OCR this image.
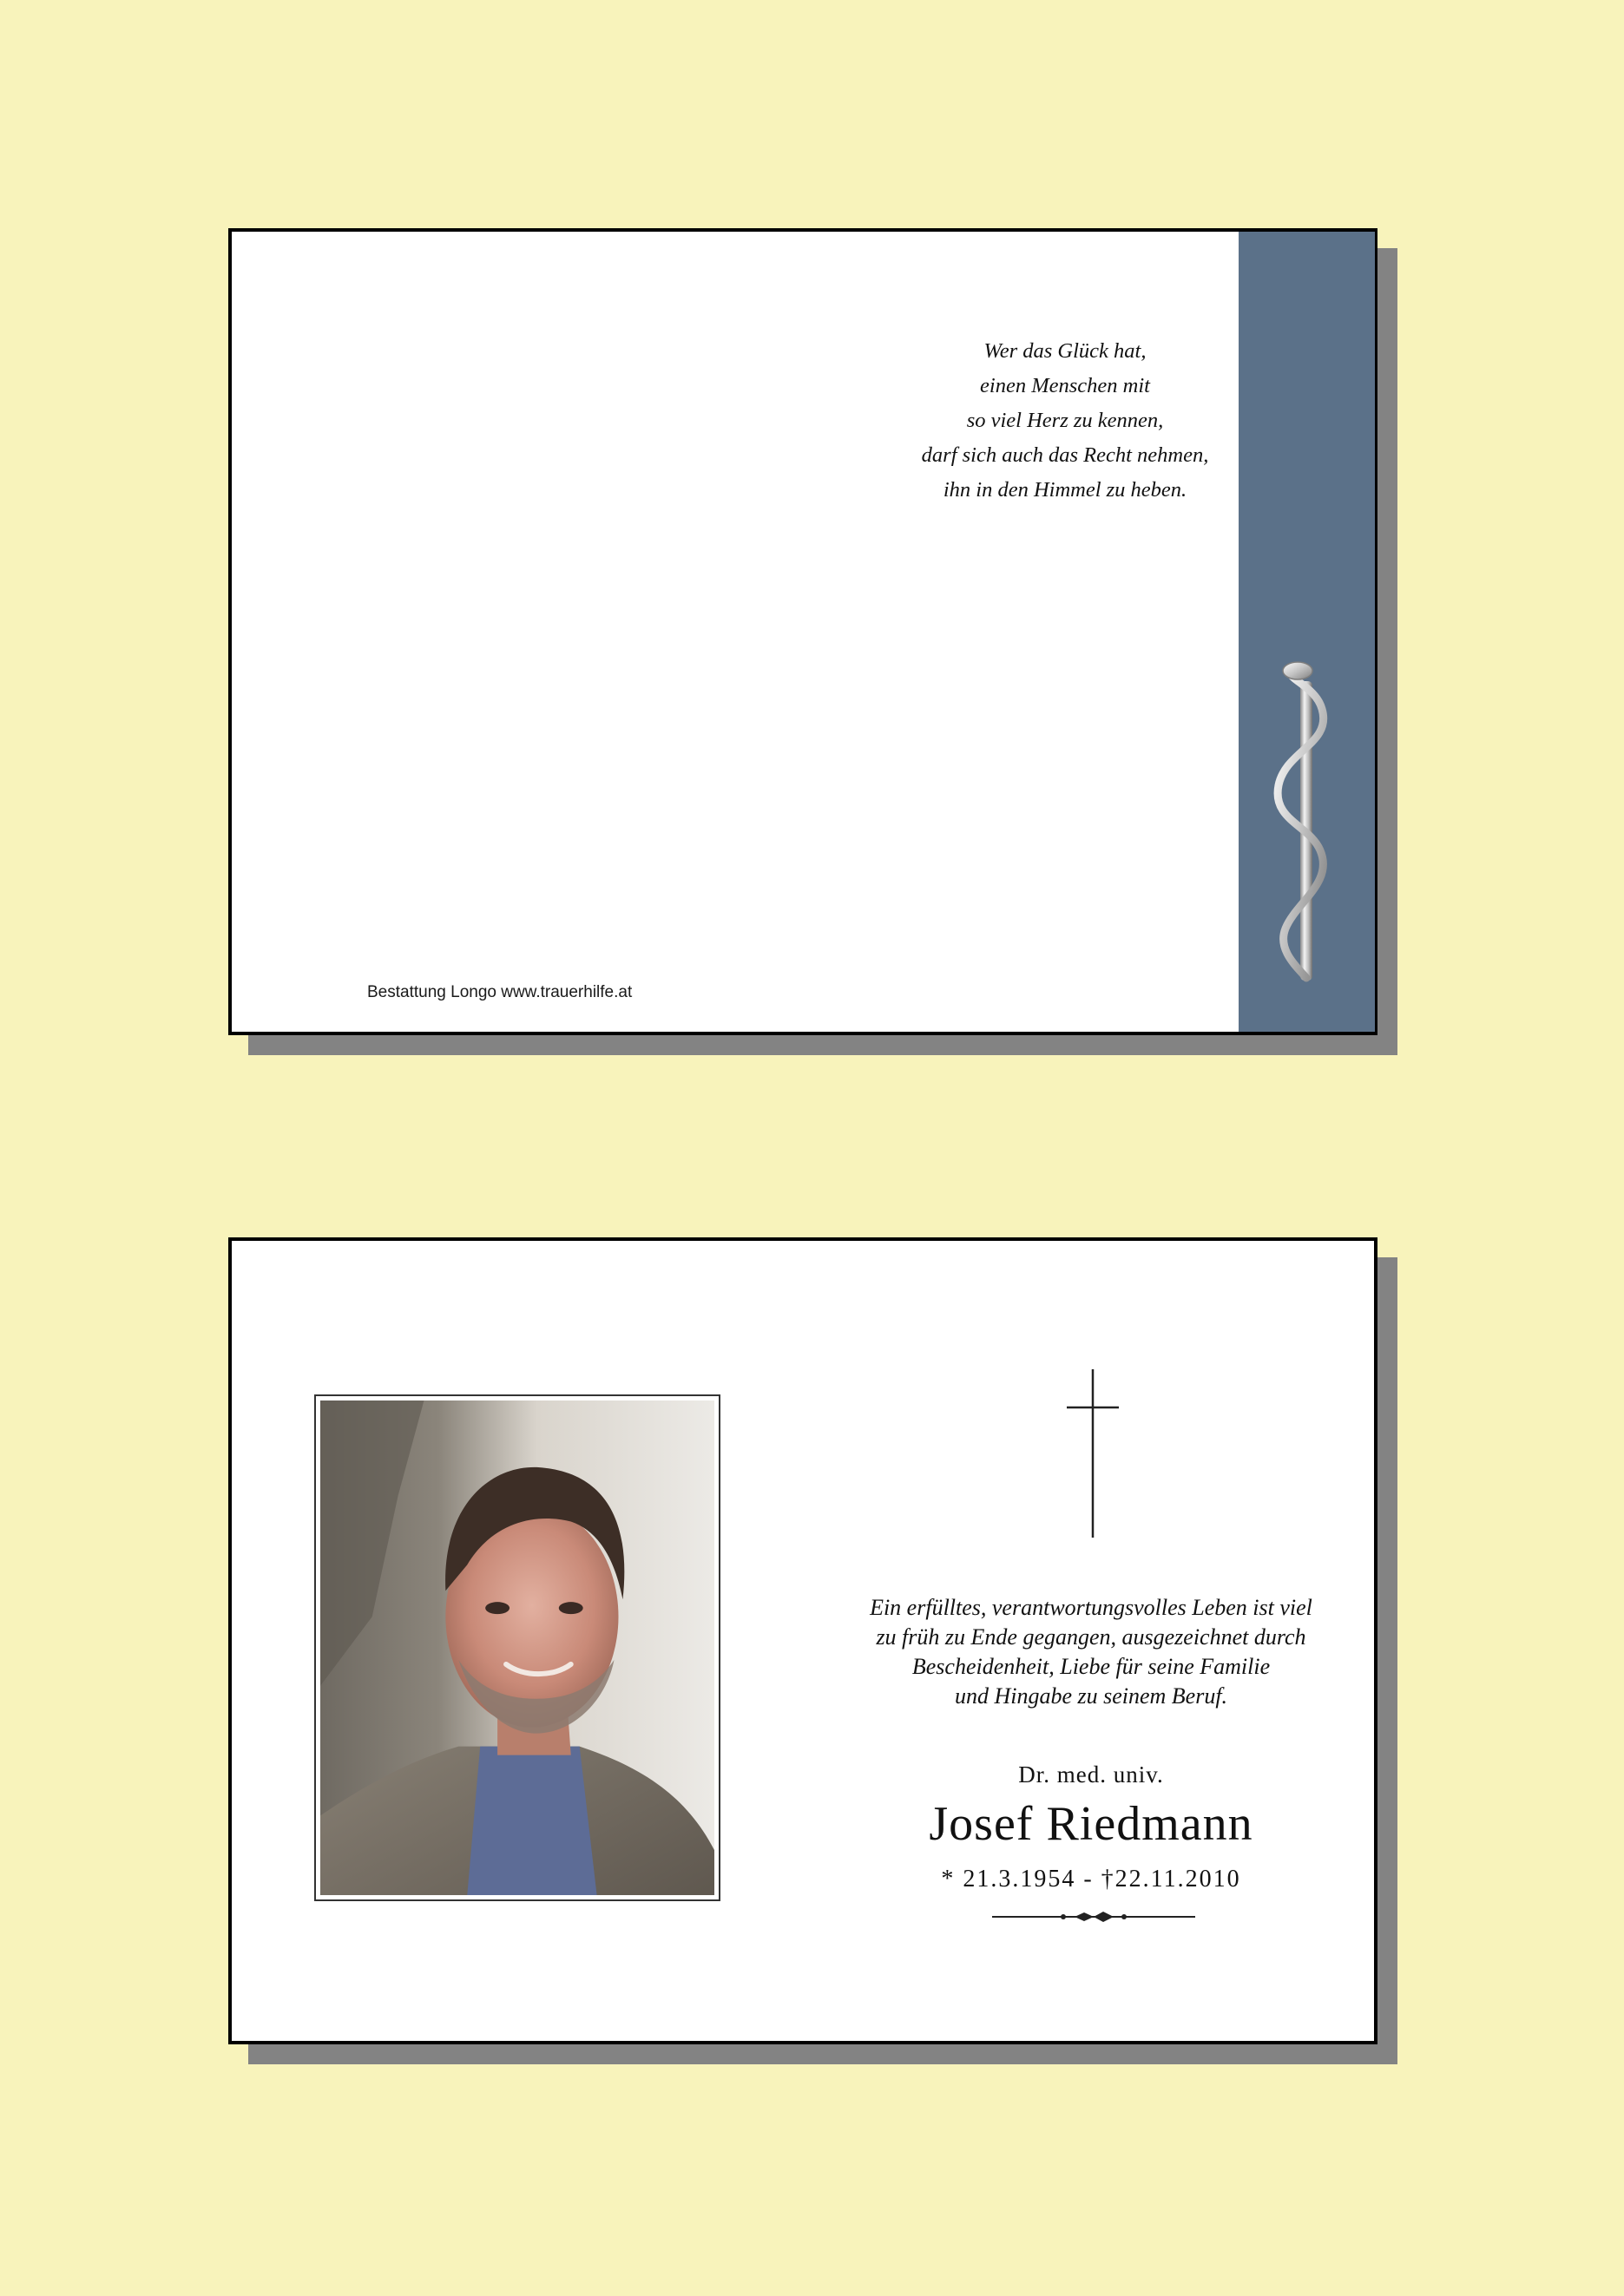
Wer das Glück hat,
einen Menschen mit
so viel Herz zu kennen,
darf sich auch das Recht nehmen,
ihn in den Himmel zu heben.
Bestattung Longo www.trauerhilfe.at
Ein erfülltes, verantwortungsvolles Leben ist viel
zu früh zu Ende gegangen, ausgezeichnet durch
Bescheidenheit, Liebe für seine Familie
und Hingabe zu seinem Beruf.
Dr. med. univ.
Josef Riedmann
* 21.3.1954 - †22.11.2010
